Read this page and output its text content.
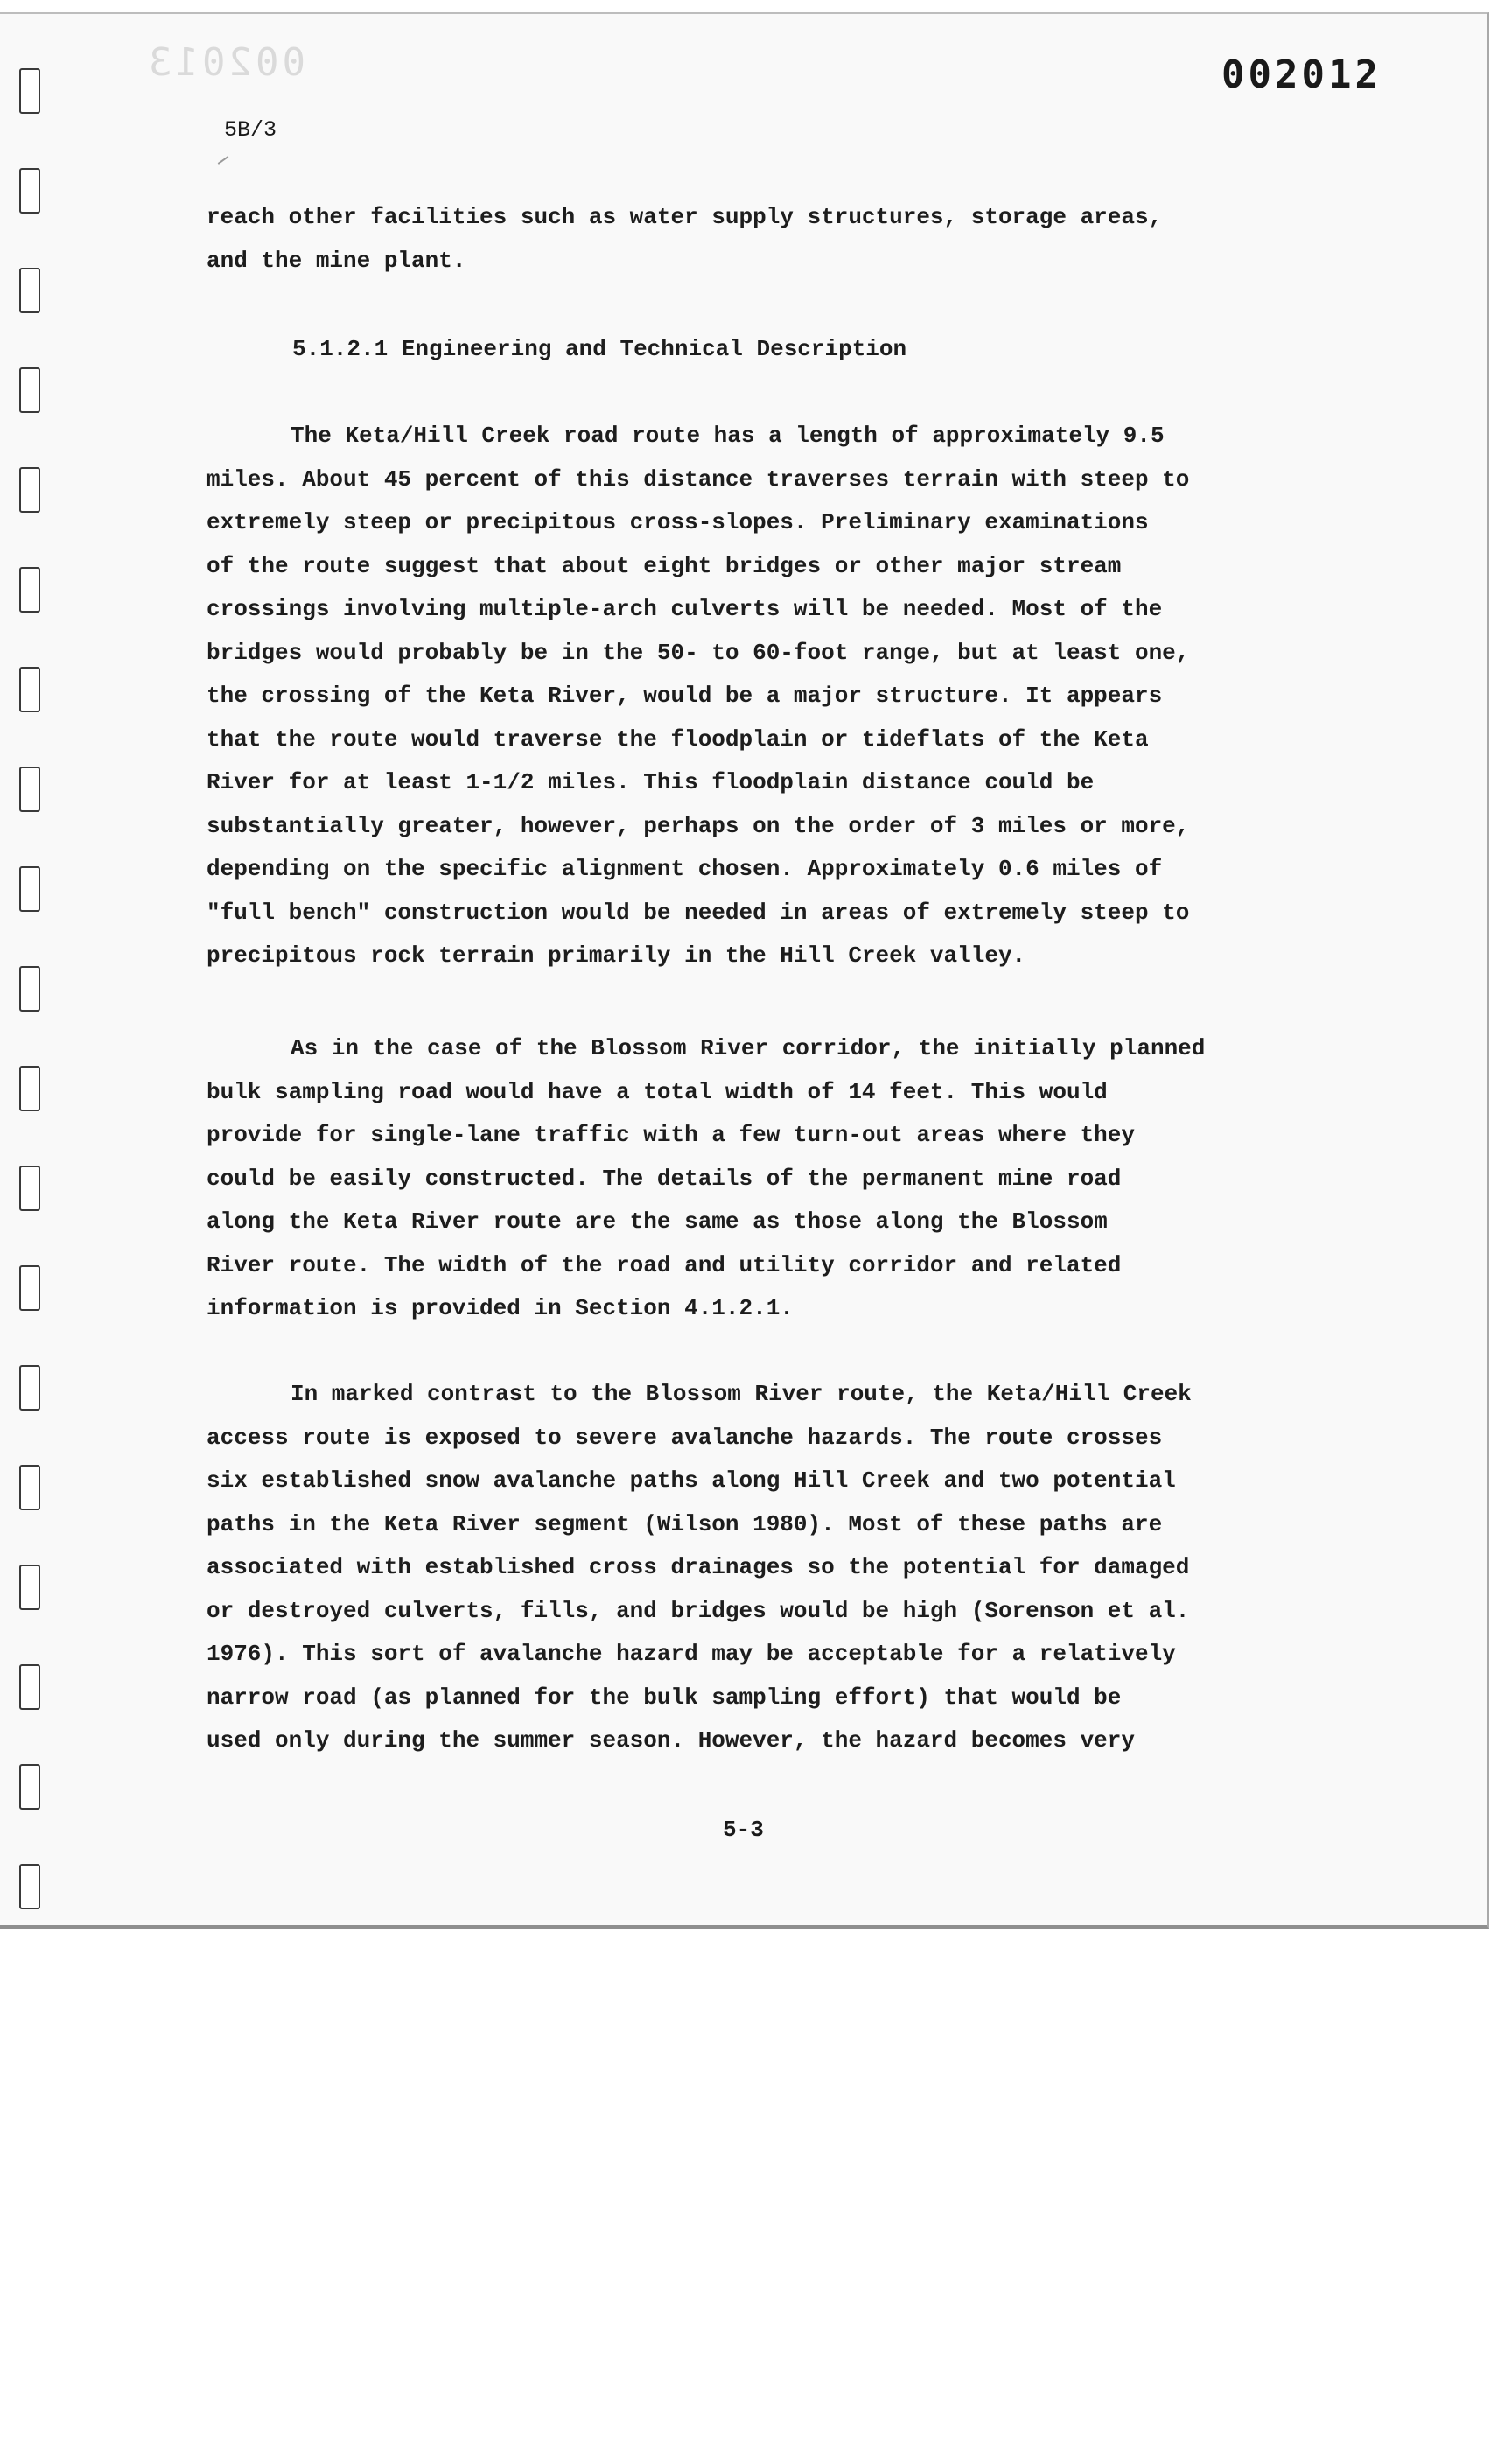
002013	002012
5B/3

reach other facilities such as water supply structures, storage areas,
and the mine plant.

5.1.2.1 Engineering and Technical Description

The Keta/Hill Creek road route has a length of approximately 9.5
miles. About 45 percent of this distance traverses terrain with steep to
extremely steep or precipitous cross-slopes. Preliminary examinations
of the route suggest that about eight bridges or other major stream
crossings involving multiple-arch culverts will be needed. Most of the
bridges would probably be in the 50- to 60-foot range, but at least one,
the crossing of the Keta River, would be a major structure. It appears
that the route would traverse the floodplain or tideflats of the Keta
River for at least 1-1/2 miles. This floodplain distance could be
substantially greater, however, perhaps on the order of 3 miles or more,
depending on the specific alignment chosen. Approximately 0.6 miles of
"full bench" construction would be needed in areas of extremely steep to
precipitous rock terrain primarily in the Hill Creek valley.

As in the case of the Blossom River corridor, the initially planned
bulk sampling road would have a total width of 14 feet. This would
provide for single-lane traffic with a few turn-out areas where they
could be easily constructed. The details of the permanent mine road
along the Keta River route are the same as those along the Blossom
River route. The width of the road and utility corridor and related
information is provided in Section 4.1.2.1.

In marked contrast to the Blossom River route, the Keta/Hill Creek
access route is exposed to severe avalanche hazards. The route crosses
six established snow avalanche paths along Hill Creek and two potential
paths in the Keta River segment (Wilson 1980). Most of these paths are
associated with established cross drainages so the potential for damaged
or destroyed culverts, fills, and bridges would be high (Sorenson et al.
1976). This sort of avalanche hazard may be acceptable for a relatively
narrow road (as planned for the bulk sampling effort) that would be
used only during the summer season. However, the hazard becomes very

5-3
